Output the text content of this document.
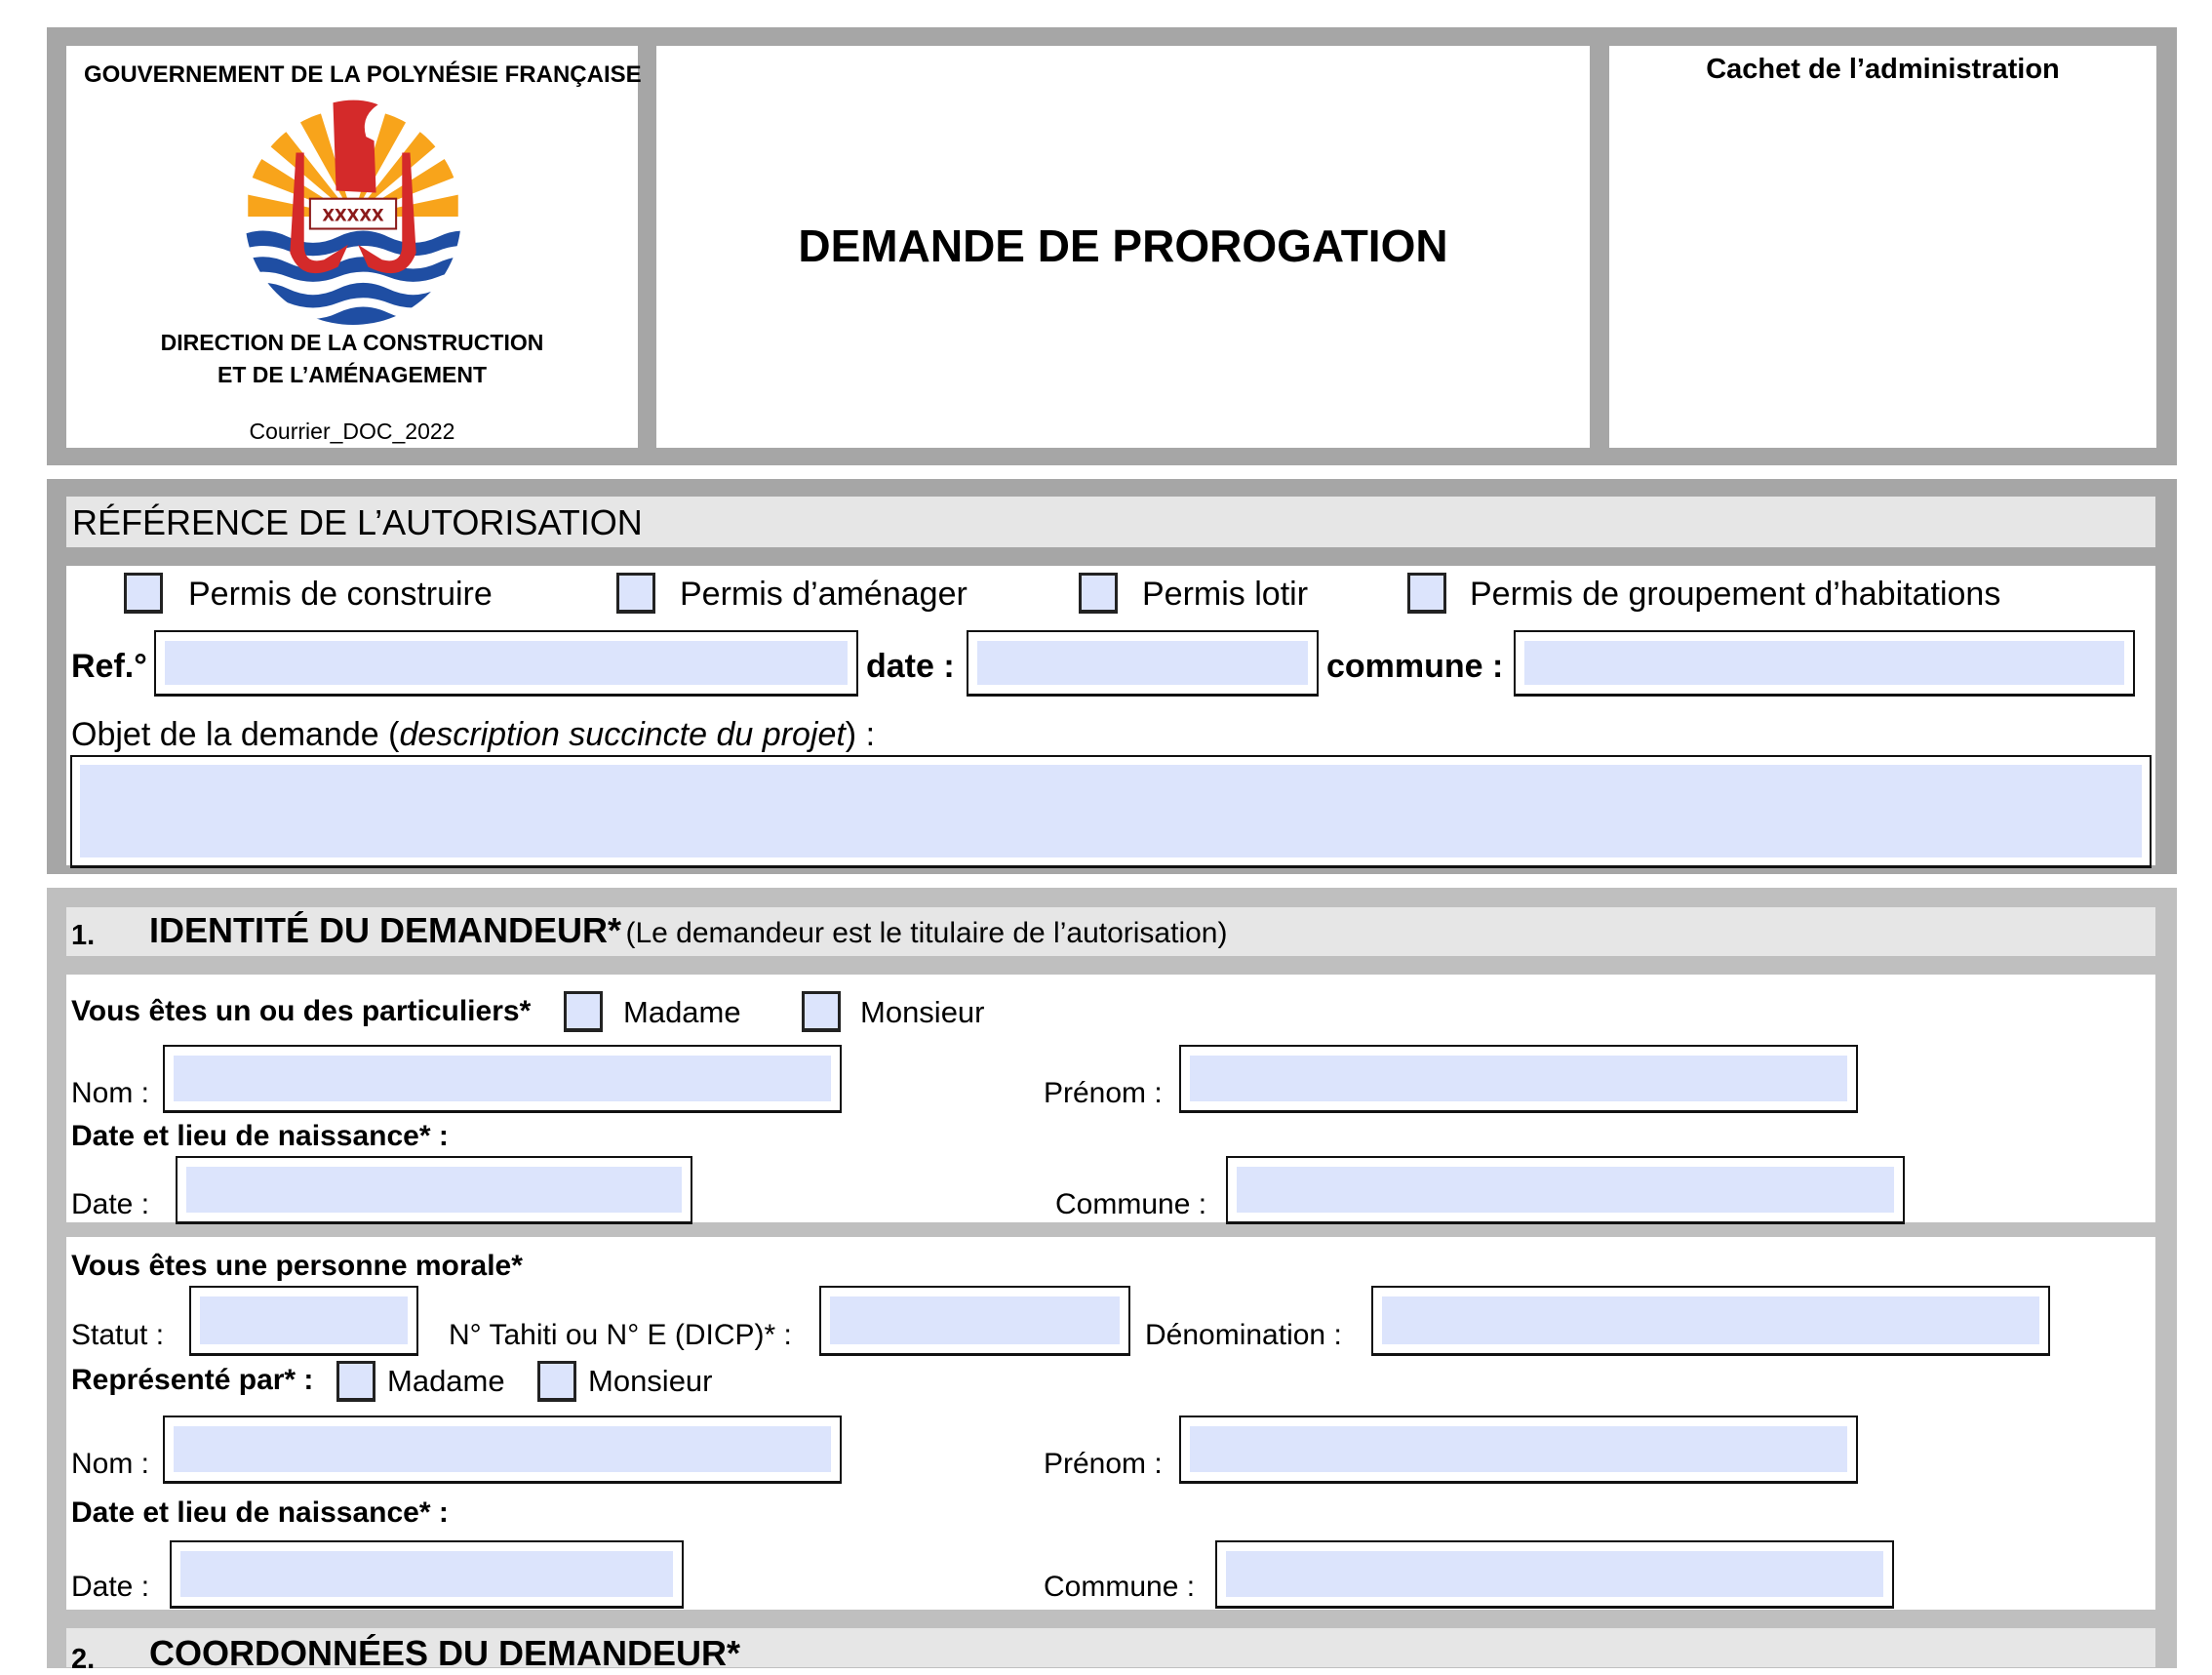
GOUVERNEMENT DE LA POLYNÉSIE FRANÇAISE
XXXXX
DIRECTION DE LA CONSTRUCTION
ET DE L’AMÉNAGEMENT
Courrier_DOC_2022
DEMANDE DE PROROGATION
Cachet de l’administration
RÉFÉRENCE DE L’AUTORISATION
Permis de construire	Permis d’aménager	Permis lotir	Permis de groupement d’habitations
Ref.°	date :	commune :
Objet de la demande (description succincte du projet) :
1. IDENTITÉ DU DEMANDEUR* (Le demandeur est le titulaire de l’autorisation)
Vous êtes un ou des particuliers*	Madame	Monsieur
Nom :	Prénom :
Date et lieu de naissance* :
Date :	Commune :
Vous êtes une personne morale*
Statut :	N° Tahiti ou N° E (DICP)* :	Dénomination :
Représenté par* : Madame	Monsieur
Nom :	Prénom :
Date et lieu de naissance* :
Date :	Commune :
2. COORDONNÉES DU DEMANDEUR*
